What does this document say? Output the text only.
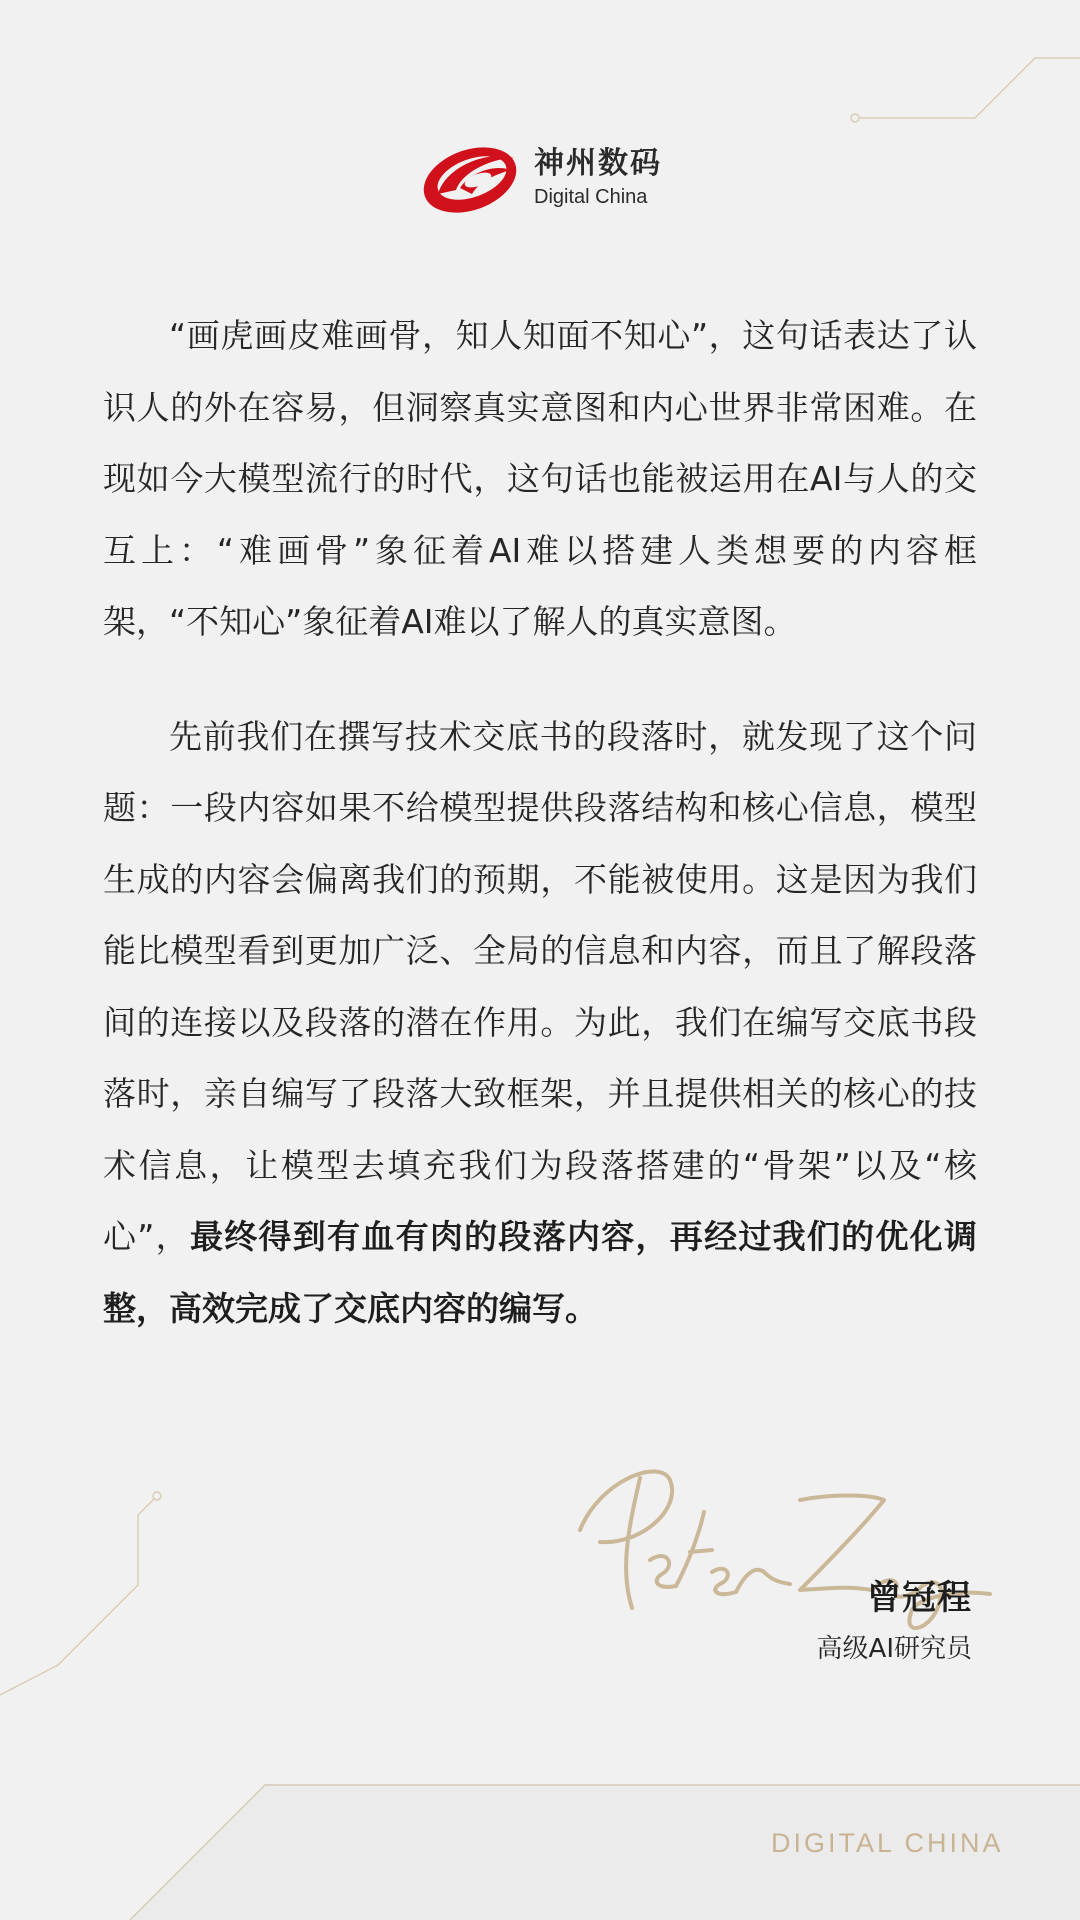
神州数码
Digital China

“画虎画皮难画骨，知人知面不知心”，这句话表达了认识人的外在容易，但洞察真实意图和内心世界非常困难。在现如今大模型流行的时代，这句话也能被运用在AI与人的交互上：“难画骨”象征着AI难以搭建人类想要的内容框架，“不知心”象征着AI难以了解人的真实意图。

先前我们在撰写技术交底书的段落时，就发现了这个问题：一段内容如果不给模型提供段落结构和核心信息，模型生成的内容会偏离我们的预期，不能被使用。这是因为我们能比模型看到更加广泛、全局的信息和内容，而且了解段落间的连接以及段落的潜在作用。为此，我们在编写交底书段落时，亲自编写了段落大致框架，并且提供相关的核心的技术信息，让模型去填充我们为段落搭建的“骨架”以及“核心”，最终得到有血有肉的段落内容，再经过我们的优化调整，高效完成了交底内容的编写。

曾冠程
高级AI研究员
DIGITAL CHINA
